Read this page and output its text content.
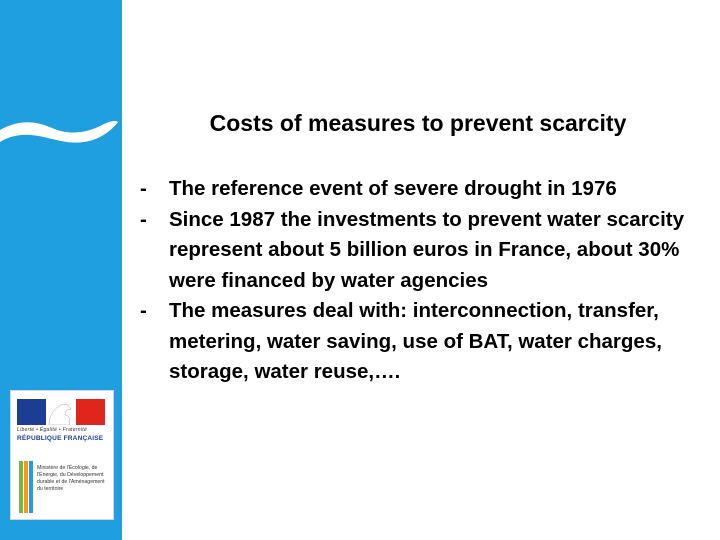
Liberté • Égalité • Fraternité
RÉPUBLIQUE FRANÇAISE
Ministère de l'Écologie, de l'Énergie, du Développement durable et de l'Aménagement du territoire
Costs of measures to prevent scarcity
- The reference event of severe drought in 1976
- Since 1987 the investments to prevent water scarcity represent about 5 billion euros in France, about 30% were financed by water agencies
- The measures deal with: interconnection, transfer, metering, water saving, use of BAT, water charges, storage, water reuse,….
